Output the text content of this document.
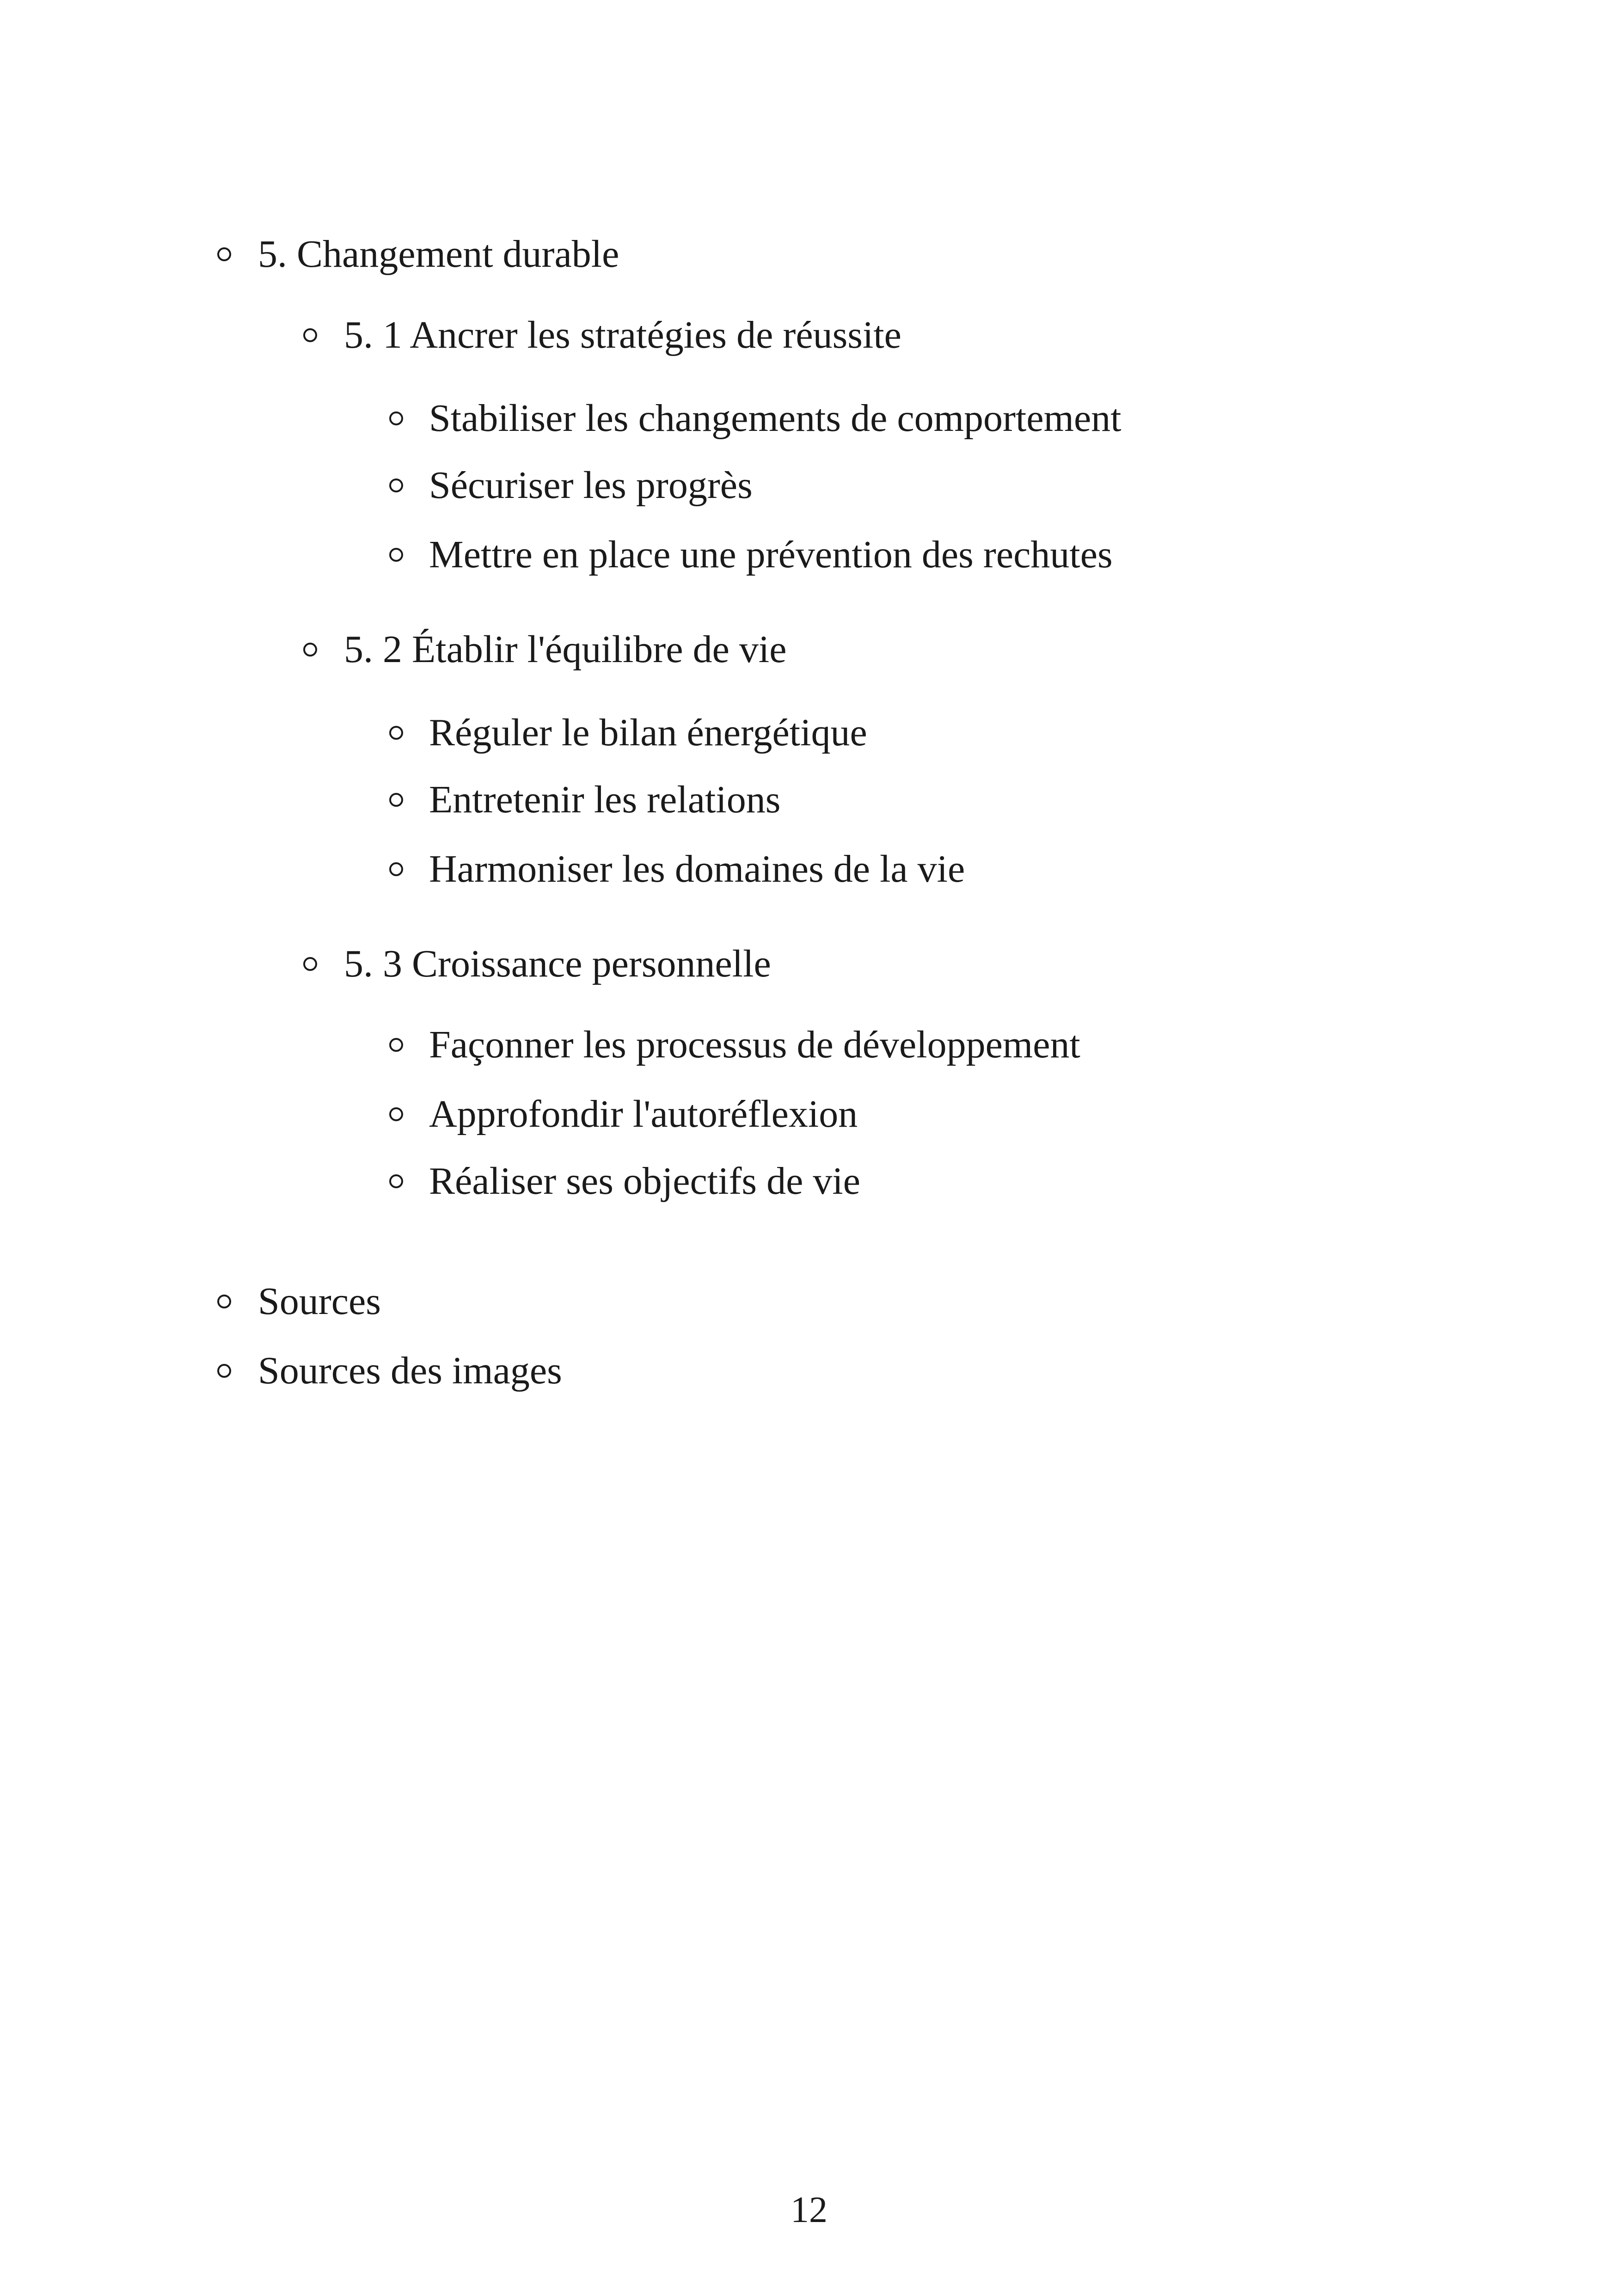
5. Changement durable
5. 1 Ancrer les stratégies de réussite
Stabiliser les changements de comportement
Sécuriser les progrès
Mettre en place une prévention des rechutes
5. 2 Établir l'équilibre de vie
Réguler le bilan énergétique
Entretenir les relations
Harmoniser les domaines de la vie
5. 3 Croissance personnelle
Façonner les processus de développement
Approfondir l'autoréflexion
Réaliser ses objectifs de vie
Sources
Sources des images
12
